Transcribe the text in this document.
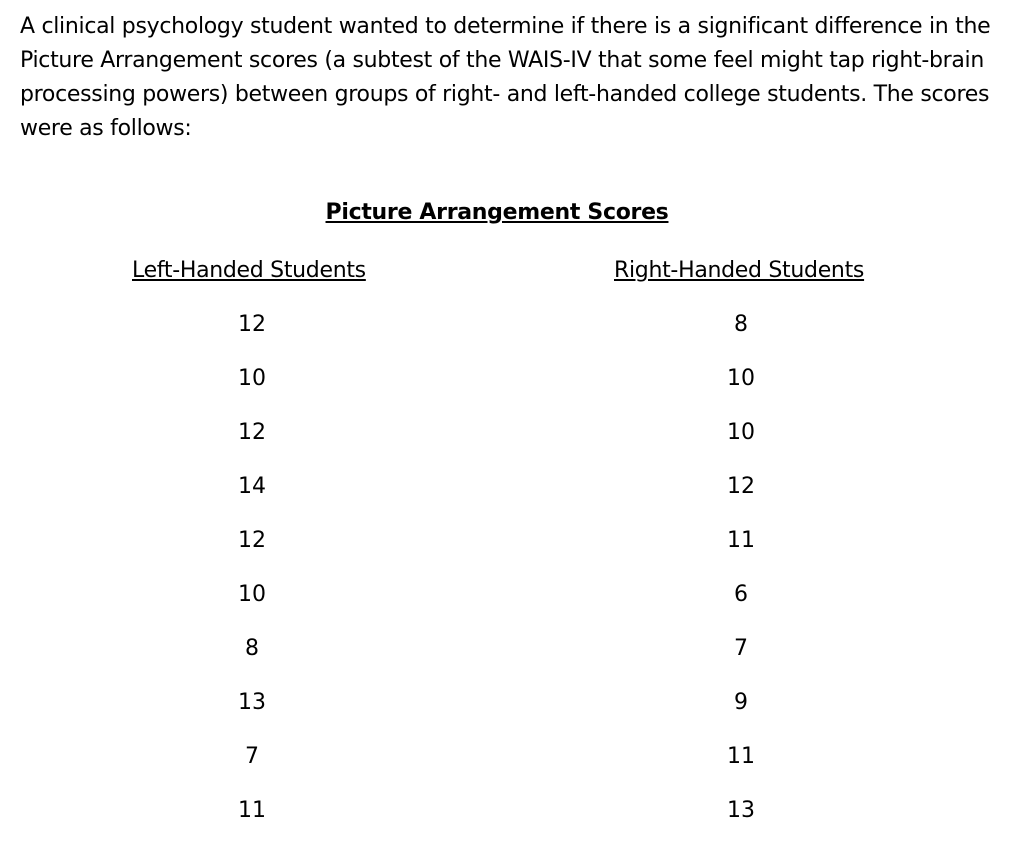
A clinical psychology student wanted to determine if there is a significant difference in the Picture Arrangement scores (a subtest of the WAIS-IV that some feel might tap right-brain processing powers) between groups of right- and left-handed college students. The scores were as follows:

Picture Arrangement Scores
Left-Handed Students
12
10
12
14
12
10
8
13
7
11
Right-Handed Students
8
10
10
12
11
6
7
9
11
13
